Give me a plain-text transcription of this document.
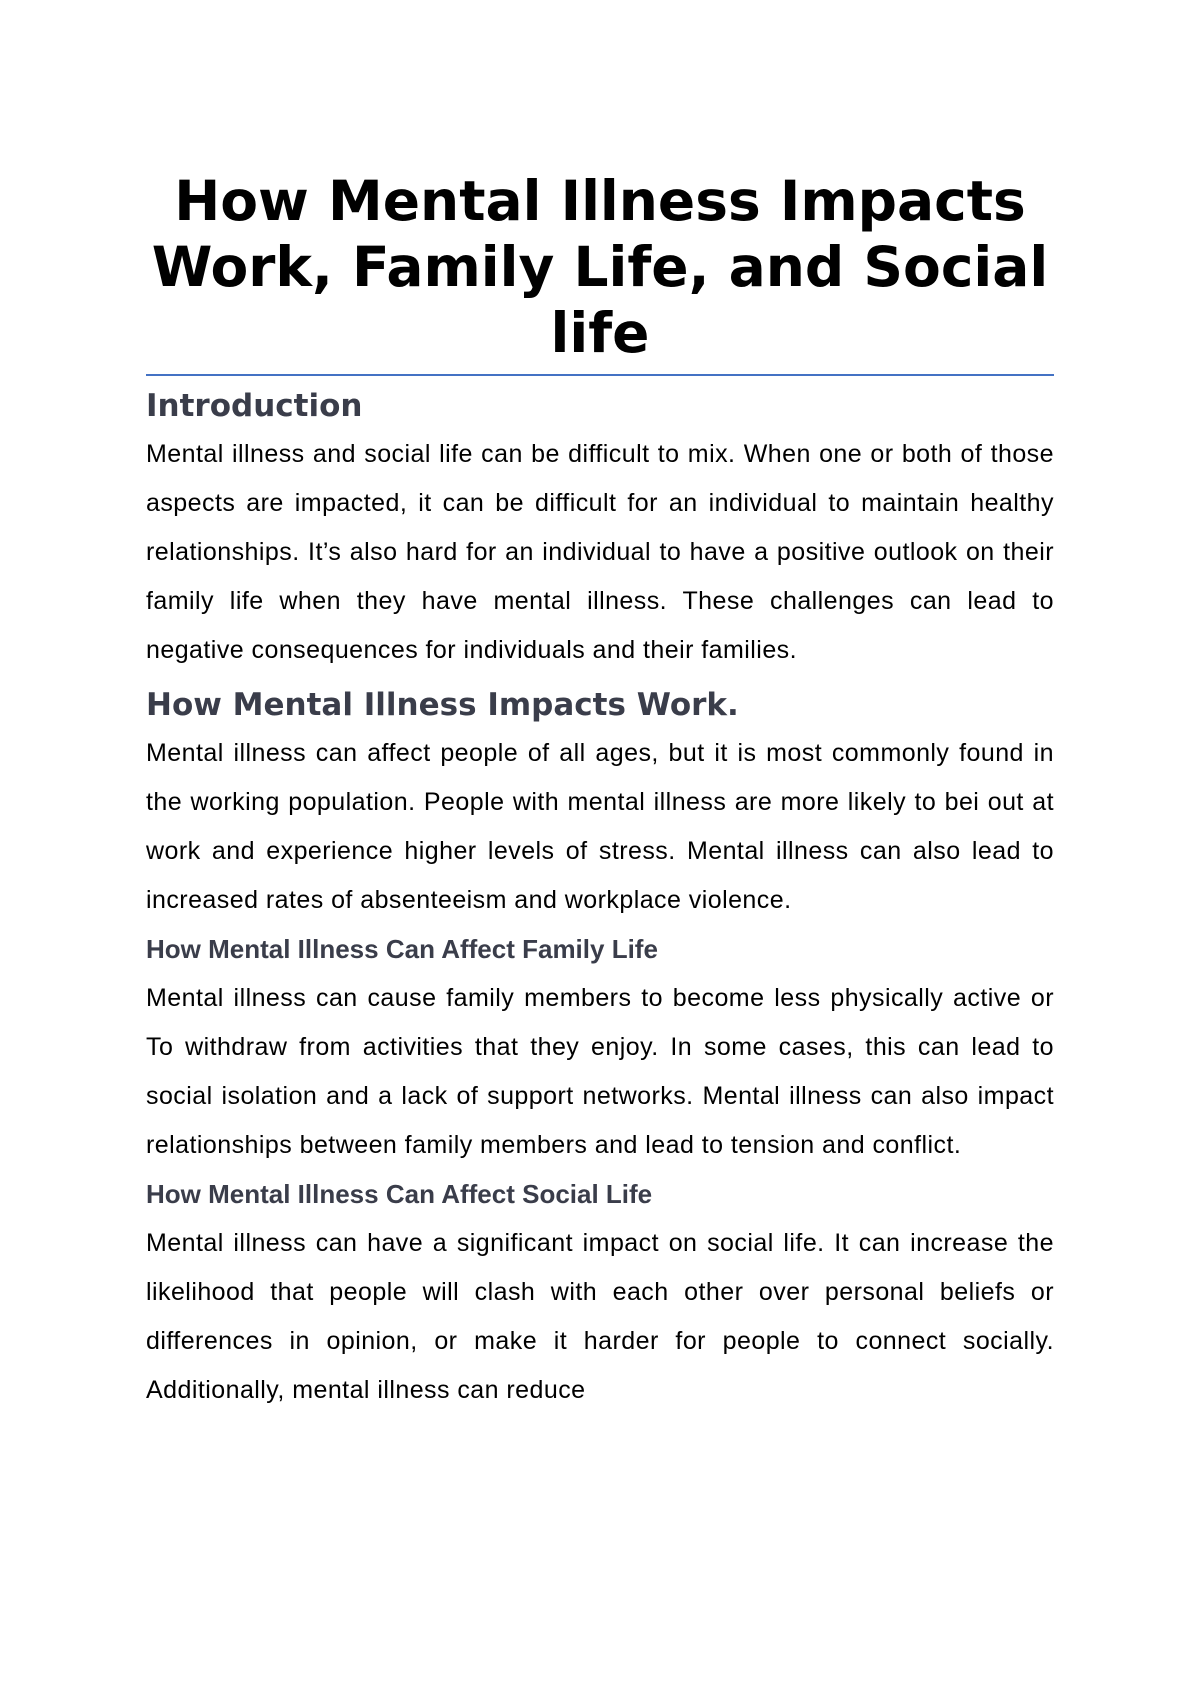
How Mental Illness Impacts Work, Family Life, and Social life
Introduction

Mental illness and social life can be difficult to mix. When one or both of those aspects are impacted, it can be difficult for an individual to maintain healthy relationships. It’s also hard for an individual to have a positive outlook on their family life when they have mental illness. These challenges can lead to negative consequences for individuals and their families.

How Mental Illness Impacts Work.

Mental illness can affect people of all ages, but it is most commonly found in the working population. People with mental illness are more likely to bei out at work and experience higher levels of stress. Mental illness can also lead to increased rates of absenteeism and workplace violence.

How Mental Illness Can Affect Family Life

Mental illness can cause family members to become less physically active or To withdraw from activities that they enjoy. In some cases, this can lead to social isolation and a lack of support networks. Mental illness can also impact relationships between family members and lead to tension and conflict.

How Mental Illness Can Affect Social Life

Mental illness can have a significant impact on social life. It can increase the likelihood that people will clash with each other over personal beliefs or differences in opinion, or make it harder for people to connect socially. Additionally, mental illness can reduce
